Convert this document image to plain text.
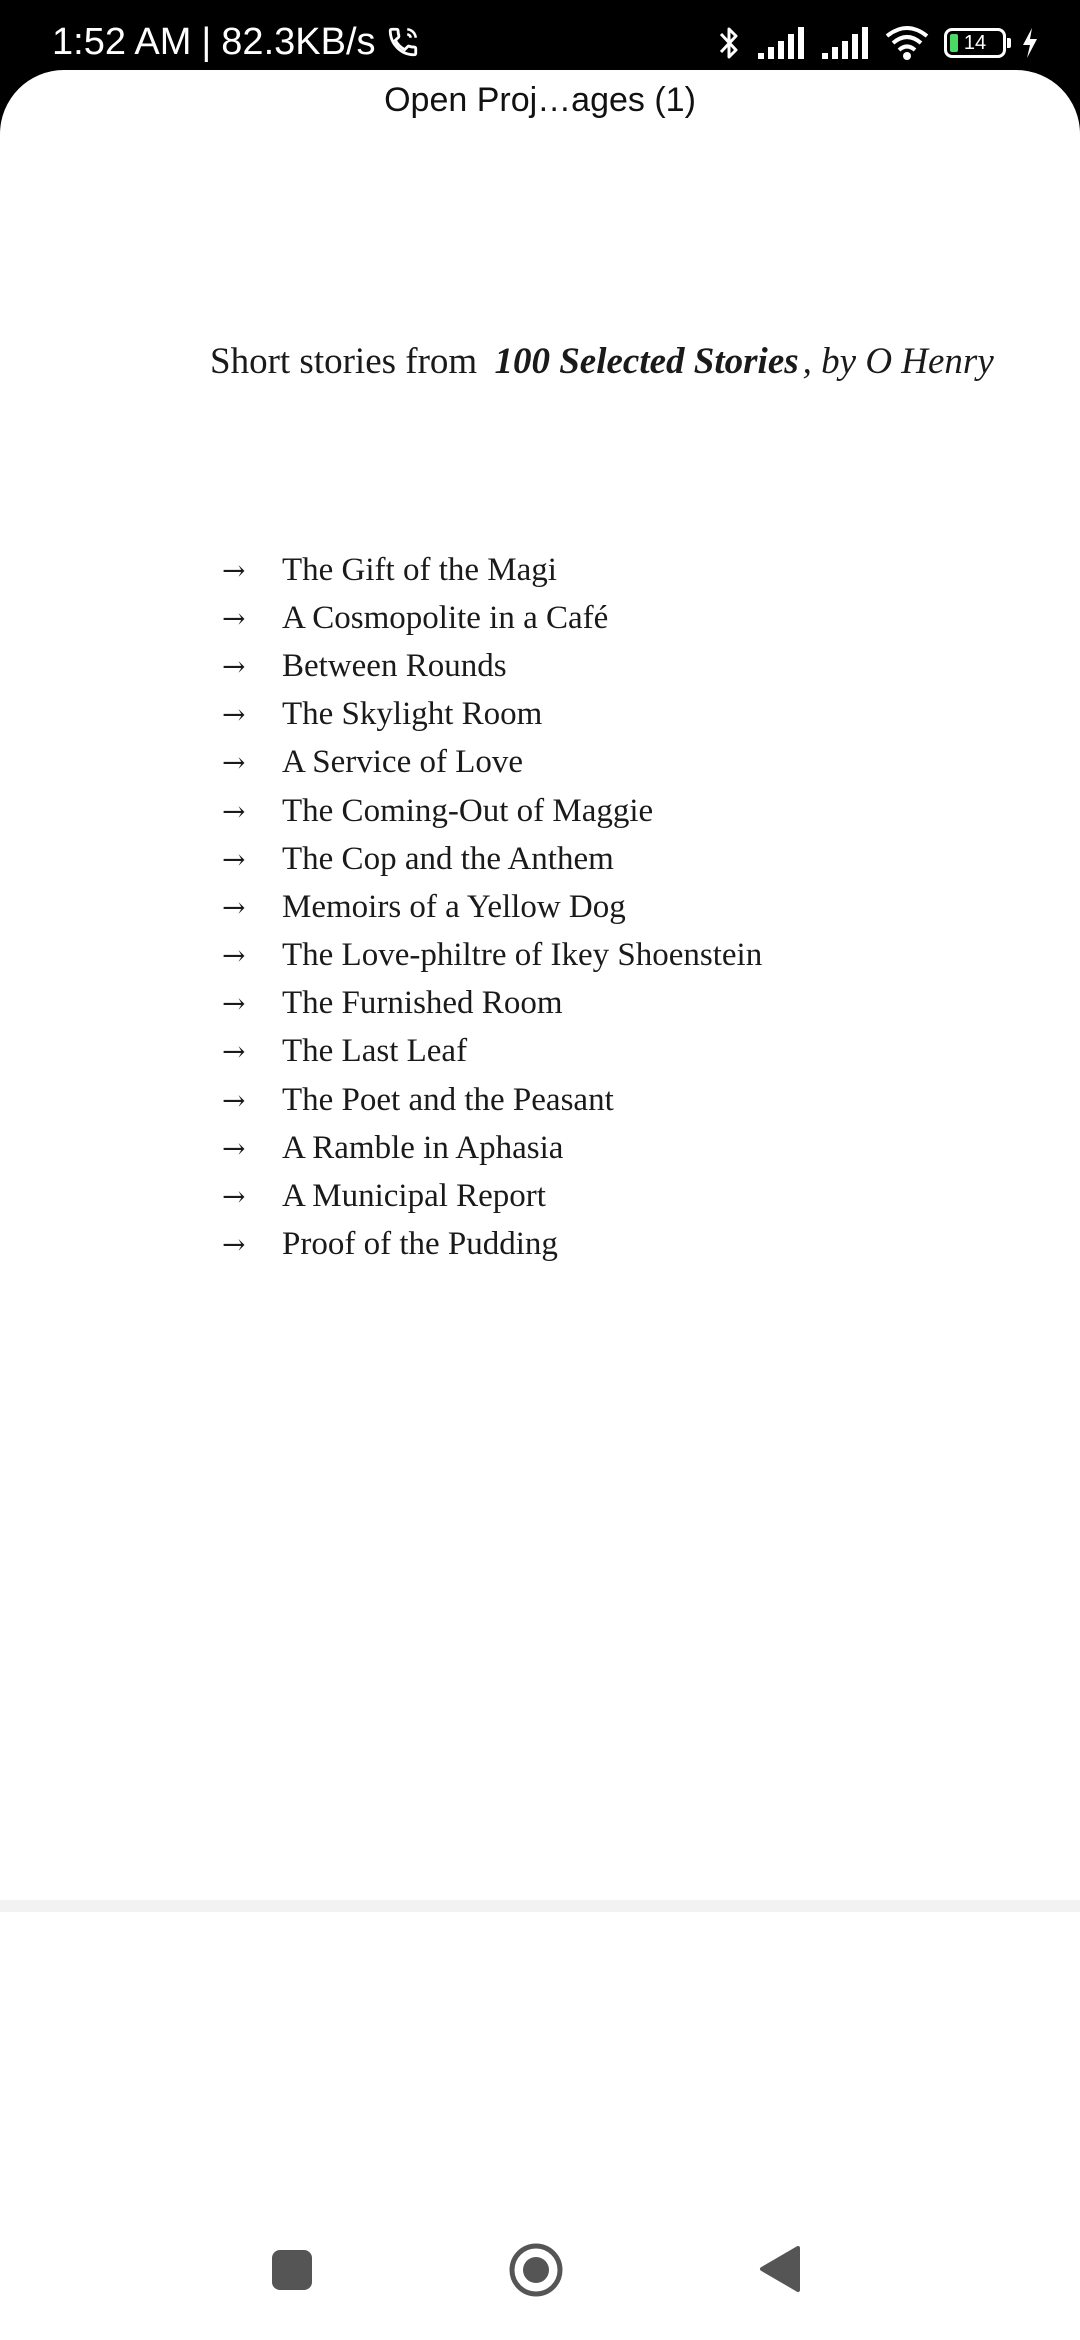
1:52 AM | 82.3KB/s	14
Open Proj…ages (1)
Short stories from 100 Selected Stories , by O Henry
→	The Gift of the Magi
→	A Cosmopolite in a Café
→	Between Rounds
→	The Skylight Room
→	A Service of Love
→	The Coming-Out of Maggie
→	The Cop and the Anthem
→	Memoirs of a Yellow Dog
→	The Love-philtre of Ikey Shoenstein
→	The Furnished Room
→	The Last Leaf
→	The Poet and the Peasant
→	A Ramble in Aphasia
→	A Municipal Report
→	Proof of the Pudding
